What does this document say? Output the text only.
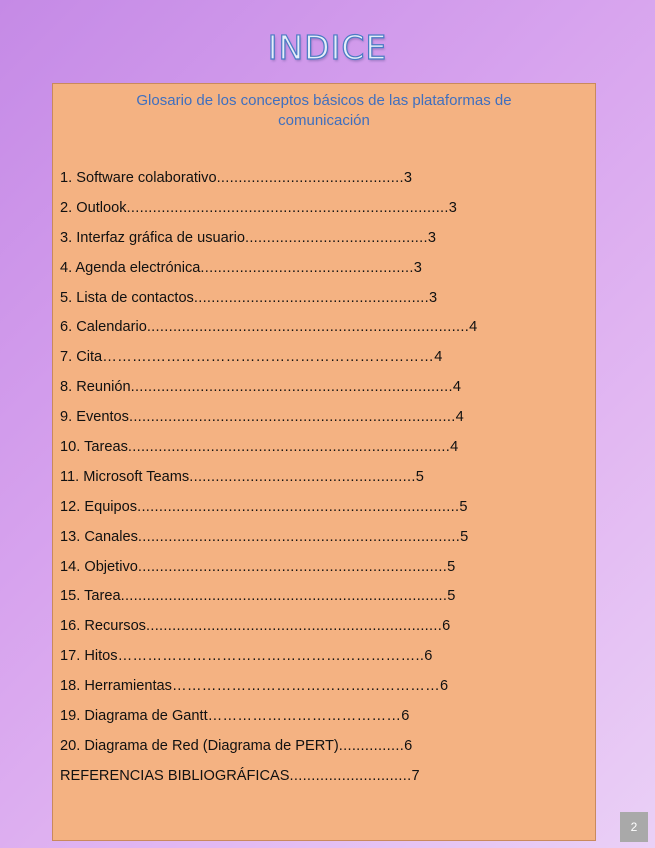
INDICE
Glosario de los conceptos básicos de las plataformas de
comunicación
1. Software colaborativo ........................................... 3
2. Outlook .......................................................................... 3
3. Interfaz gráfica de usuario .......................................... 3
4. Agenda electrónica ................................................. 3
5. Lista de contactos ...................................................... 3
6. Calendario .......................................................................... 4
7. Cita ……….………………………………………………… 4
8. Reunión .......................................................................... 4
9. Eventos ........................................................................... 4
10. Tareas .......................................................................... 4
11. Microsoft Teams .................................................... 5
12. Equipos .......................................................................... 5
13. Canales .......................................................................... 5
14. Objetivo ....................................................................... 5
15. Tarea ........................................................................... 5
16. Recursos .................................................................... 6
17. Hitos …………………………………………………….. 6
18. Herramientas ……………………………………………… 6
19. Diagrama de Gantt ………………………………… 6
20. Diagrama de Red (Diagrama de PERT) ............... 6
REFERENCIAS BIBLIOGRÁFICAS ............................ 7
2
